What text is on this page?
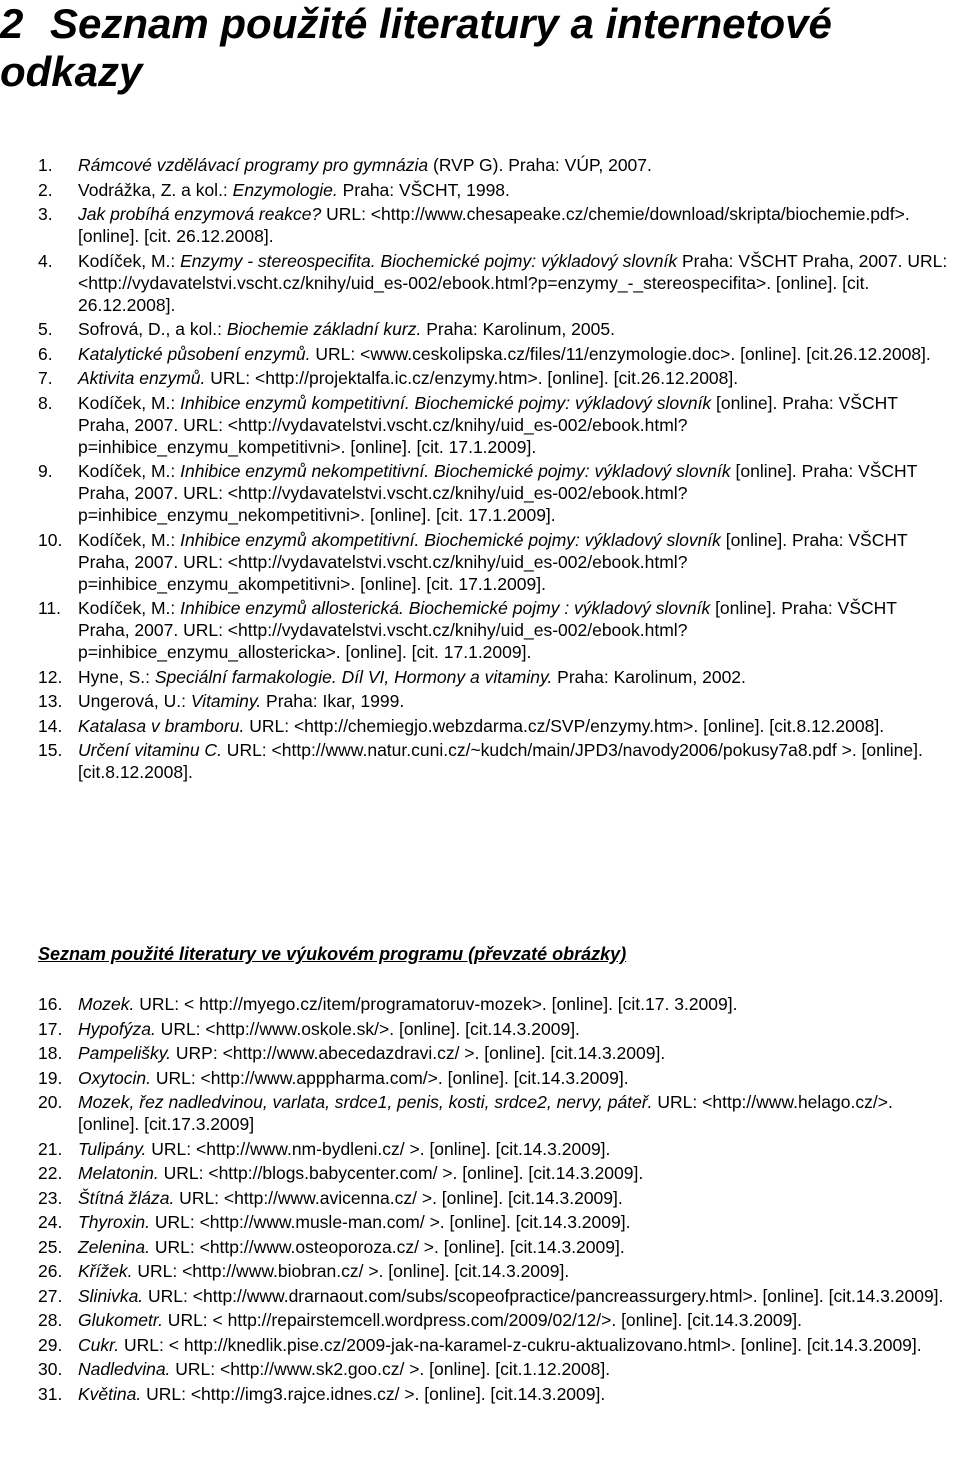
2 Seznam použité literatury a internetové odkazy
1. Rámcové vzdělávací programy pro gymnázia (RVP G). Praha: VÚP, 2007.
2. Vodrážka, Z. a kol.: Enzymologie. Praha: VŠCHT, 1998.
3. Jak probíhá enzymová reakce? URL: <http://www.chesapeake.cz/chemie/download/skripta/biochemie.pdf>. [online]. [cit. 26.12.2008].
4. Kodíček, M.: Enzymy - stereospecifita. Biochemické pojmy: výkladový slovník Praha: VŠCHT Praha, 2007. URL: <http://vydavatelstvi.vscht.cz/knihy/uid_es-002/ebook.html?p=enzymy_-_stereospecifita>. [online]. [cit. 26.12.2008].
5. Sofrová, D., a kol.: Biochemie základní kurz. Praha: Karolinum, 2005.
6. Katalytické působení enzymů. URL: <www.ceskolipska.cz/files/11/enzymologie.doc>. [online]. [cit.26.12.2008].
7. Aktivita enzymů. URL: <http://projektalfa.ic.cz/enzymy.htm>. [online]. [cit.26.12.2008].
8. Kodíček, M.: Inhibice enzymů kompetitivní. Biochemické pojmy: výkladový slovník [online]. Praha: VŠCHT Praha, 2007. URL: <http://vydavatelstvi.vscht.cz/knihy/uid_es-002/ebook.html?p=inhibice_enzymu_kompetitivni>. [online]. [cit. 17.1.2009].
9. Kodíček, M.: Inhibice enzymů nekompetitivní. Biochemické pojmy: výkladový slovník [online]. Praha: VŠCHT Praha, 2007. URL: <http://vydavatelstvi.vscht.cz/knihy/uid_es-002/ebook.html?p=inhibice_enzymu_nekompetitivni>. [online]. [cit. 17.1.2009].
10. Kodíček, M.: Inhibice enzymů akompetitivní. Biochemické pojmy: výkladový slovník [online]. Praha: VŠCHT Praha, 2007. URL: <http://vydavatelstvi.vscht.cz/knihy/uid_es-002/ebook.html?p=inhibice_enzymu_akompetitivni>. [online]. [cit. 17.1.2009].
11. Kodíček, M.: Inhibice enzymů allosterická. Biochemické pojmy : výkladový slovník [online]. Praha: VŠCHT Praha, 2007. URL: <http://vydavatelstvi.vscht.cz/knihy/uid_es-002/ebook.html?p=inhibice_enzymu_allostericka>. [online]. [cit. 17.1.2009].
12. Hyne, S.: Speciální farmakologie. Díl VI, Hormony a vitaminy. Praha: Karolinum, 2002.
13. Ungerová, U.: Vitaminy. Praha: Ikar, 1999.
14. Katalasa v bramboru. URL: <http://chemiegjo.webzdarma.cz/SVP/enzymy.htm>. [online]. [cit.8.12.2008].
15. Určení vitaminu C. URL: <http://www.natur.cuni.cz/~kudch/main/JPD3/navody2006/pokusy7a8.pdf >. [online]. [cit.8.12.2008].
Seznam použité literatury ve výukovém programu (převzaté obrázky)
16. Mozek. URL: < http://myego.cz/item/programatoruv-mozek>. [online]. [cit.17. 3.2009].
17. Hypofýza. URL: <http://www.oskole.sk/>. [online]. [cit.14.3.2009].
18. Pampelišky. URP: <http://www.abecedazdravi.cz/ >. [online]. [cit.14.3.2009].
19. Oxytocin. URL: <http://www.apppharma.com/>. [online]. [cit.14.3.2009].
20. Mozek, řez nadledvinou, varlata, srdce1, penis, kosti, srdce2, nervy, páteř. URL: <http://www.helago.cz/>. [online]. [cit.17.3.2009]
21. Tulipány. URL: <http://www.nm-bydleni.cz/ >. [online]. [cit.14.3.2009].
22. Melatonin. URL: <http://blogs.babycenter.com/ >. [online]. [cit.14.3.2009].
23. Štítná žláza. URL: <http://www.avicenna.cz/ >. [online]. [cit.14.3.2009].
24. Thyroxin. URL: <http://www.musle-man.com/ >. [online]. [cit.14.3.2009].
25. Zelenina. URL: <http://www.osteoporoza.cz/ >. [online]. [cit.14.3.2009].
26. Křížek. URL: <http://www.biobran.cz/ >. [online]. [cit.14.3.2009].
27. Slinivka. URL: <http://www.drarnaout.com/subs/scopeofpractice/pancreassurgery.html>. [online]. [cit.14.3.2009].
28. Glukometr. URL: < http://repairstemcell.wordpress.com/2009/02/12/>. [online]. [cit.14.3.2009].
29. Cukr. URL: < http://knedlik.pise.cz/2009-jak-na-karamel-z-cukru-aktualizovano.html>. [online]. [cit.14.3.2009].
30. Nadledvina. URL: <http://www.sk2.goo.cz/ >. [online]. [cit.1.12.2008].
31. Květina. URL: <http://img3.rajce.idnes.cz/ >. [online]. [cit.14.3.2009].
